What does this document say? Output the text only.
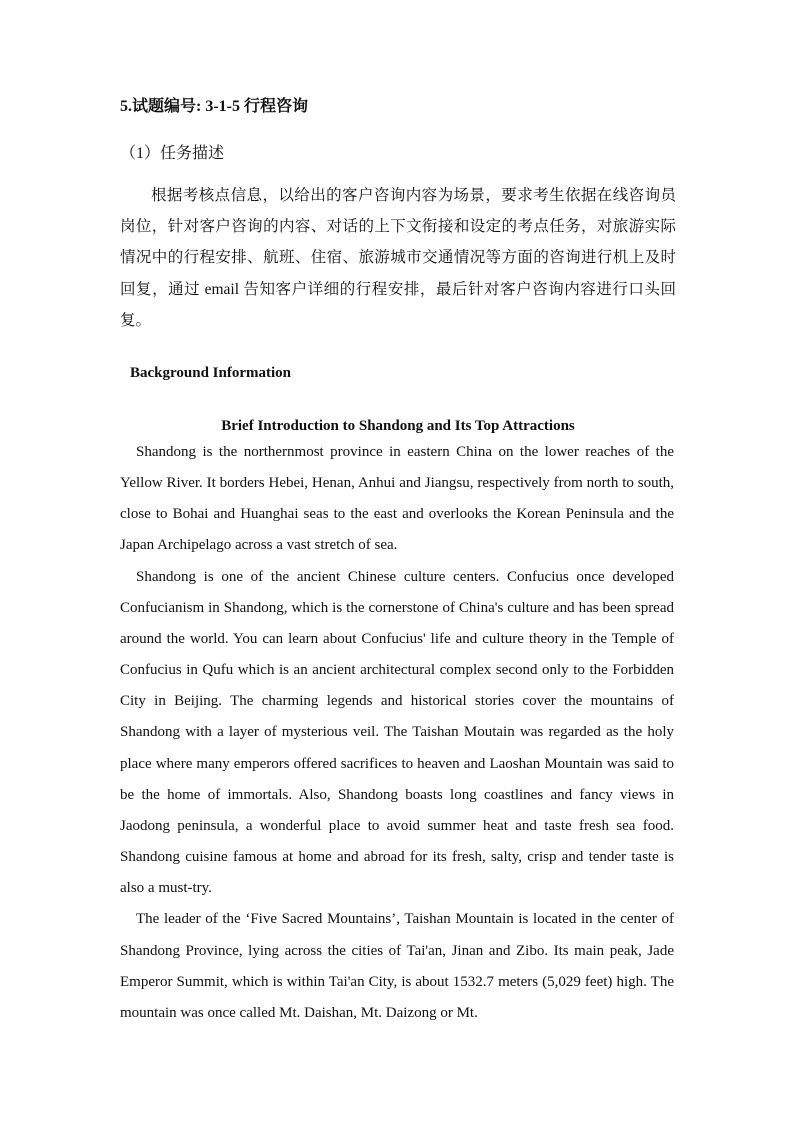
5.试题编号: 3-1-5 行程咨询
（1）任务描述
根据考核点信息，以给出的客户咨询内容为场景，要求考生依据在线咨询员岗位，针对客户咨询的内容、对话的上下文衔接和设定的考点任务，对旅游实际情况中的行程安排、航班、住宿、旅游城市交通情况等方面的咨询进行机上及时回复，通过 email 告知客户详细的行程安排，最后针对客户咨询内容进行口头回复。
Background Information
Brief Introduction to Shandong and Its Top Attractions

Shandong is the northernmost province in eastern China on the lower reaches of the Yellow River. It borders Hebei, Henan, Anhui and Jiangsu, respectively from north to south, close to Bohai and Huanghai seas to the east and overlooks the Korean Peninsula and the Japan Archipelago across a vast stretch of sea.

Shandong is one of the ancient Chinese culture centers. Confucius once developed Confucianism in Shandong, which is the cornerstone of China's culture and has been spread around the world. You can learn about Confucius' life and culture theory in the Temple of Confucius in Qufu which is an ancient architectural complex second only to the Forbidden City in Beijing. The charming legends and historical stories cover the mountains of Shandong with a layer of mysterious veil. The Taishan Moutain was regarded as the holy place where many emperors offered sacrifices to heaven and Laoshan Mountain was said to be the home of immortals. Also, Shandong boasts long coastlines and fancy views in Jaodong peninsula, a wonderful place to avoid summer heat and taste fresh sea food. Shandong cuisine famous at home and abroad for its fresh, salty, crisp and tender taste is also a must-try.

The leader of the ‘Five Sacred Mountains’, Taishan Mountain is located in the center of Shandong Province, lying across the cities of Tai'an, Jinan and Zibo. Its main peak, Jade Emperor Summit, which is within Tai'an City, is about 1532.7 meters (5,029 feet) high. The mountain was once called Mt. Daishan, Mt. Daizong or Mt.
